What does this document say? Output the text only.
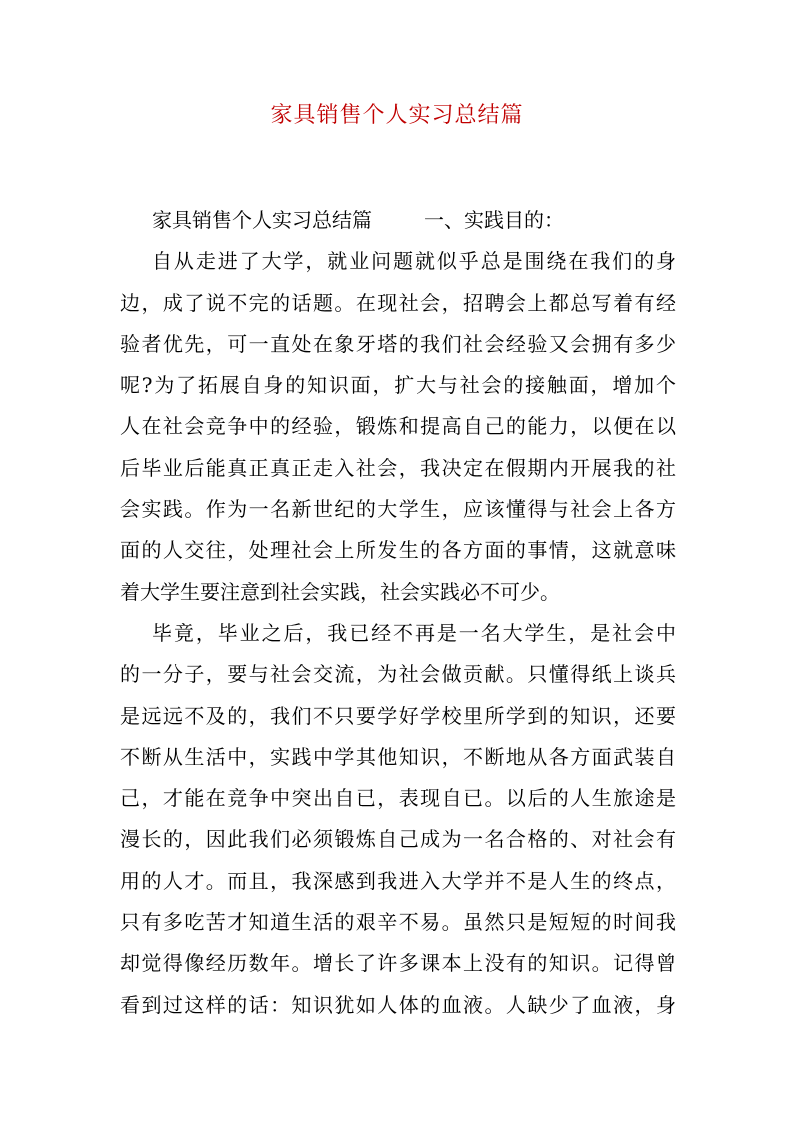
家具销售个人实习总结篇
家具销售个人实习总结篇	一、实践目的：
自从走进了大学，就业问题就似乎总是围绕在我们的身
边，成了说不完的话题。在现社会，招聘会上都总写着有经
验者优先，可一直处在象牙塔的我们社会经验又会拥有多少
呢?为了拓展自身的知识面，扩大与社会的接触面，增加个
人在社会竞争中的经验，锻炼和提高自己的能力，以便在以
后毕业后能真正真正走入社会，我决定在假期内开展我的社
会实践。作为一名新世纪的大学生，应该懂得与社会上各方
面的人交往，处理社会上所发生的各方面的事情，这就意味
着大学生要注意到社会实践，社会实践必不可少。
毕竟，毕业之后，我已经不再是一名大学生，是社会中
的一分子，要与社会交流，为社会做贡献。只懂得纸上谈兵
是远远不及的，我们不只要学好学校里所学到的知识，还要
不断从生活中，实践中学其他知识，不断地从各方面武装自
己，才能在竞争中突出自已，表现自已。以后的人生旅途是
漫长的，因此我们必须锻炼自己成为一名合格的、对社会有
用的人才。而且，我深感到我进入大学并不是人生的终点，
只有多吃苦才知道生活的艰辛不易。虽然只是短短的时间我
却觉得像经历数年。增长了许多课本上没有的知识。记得曾
看到过这样的话：知识犹如人体的血液。人缺少了血液，身
